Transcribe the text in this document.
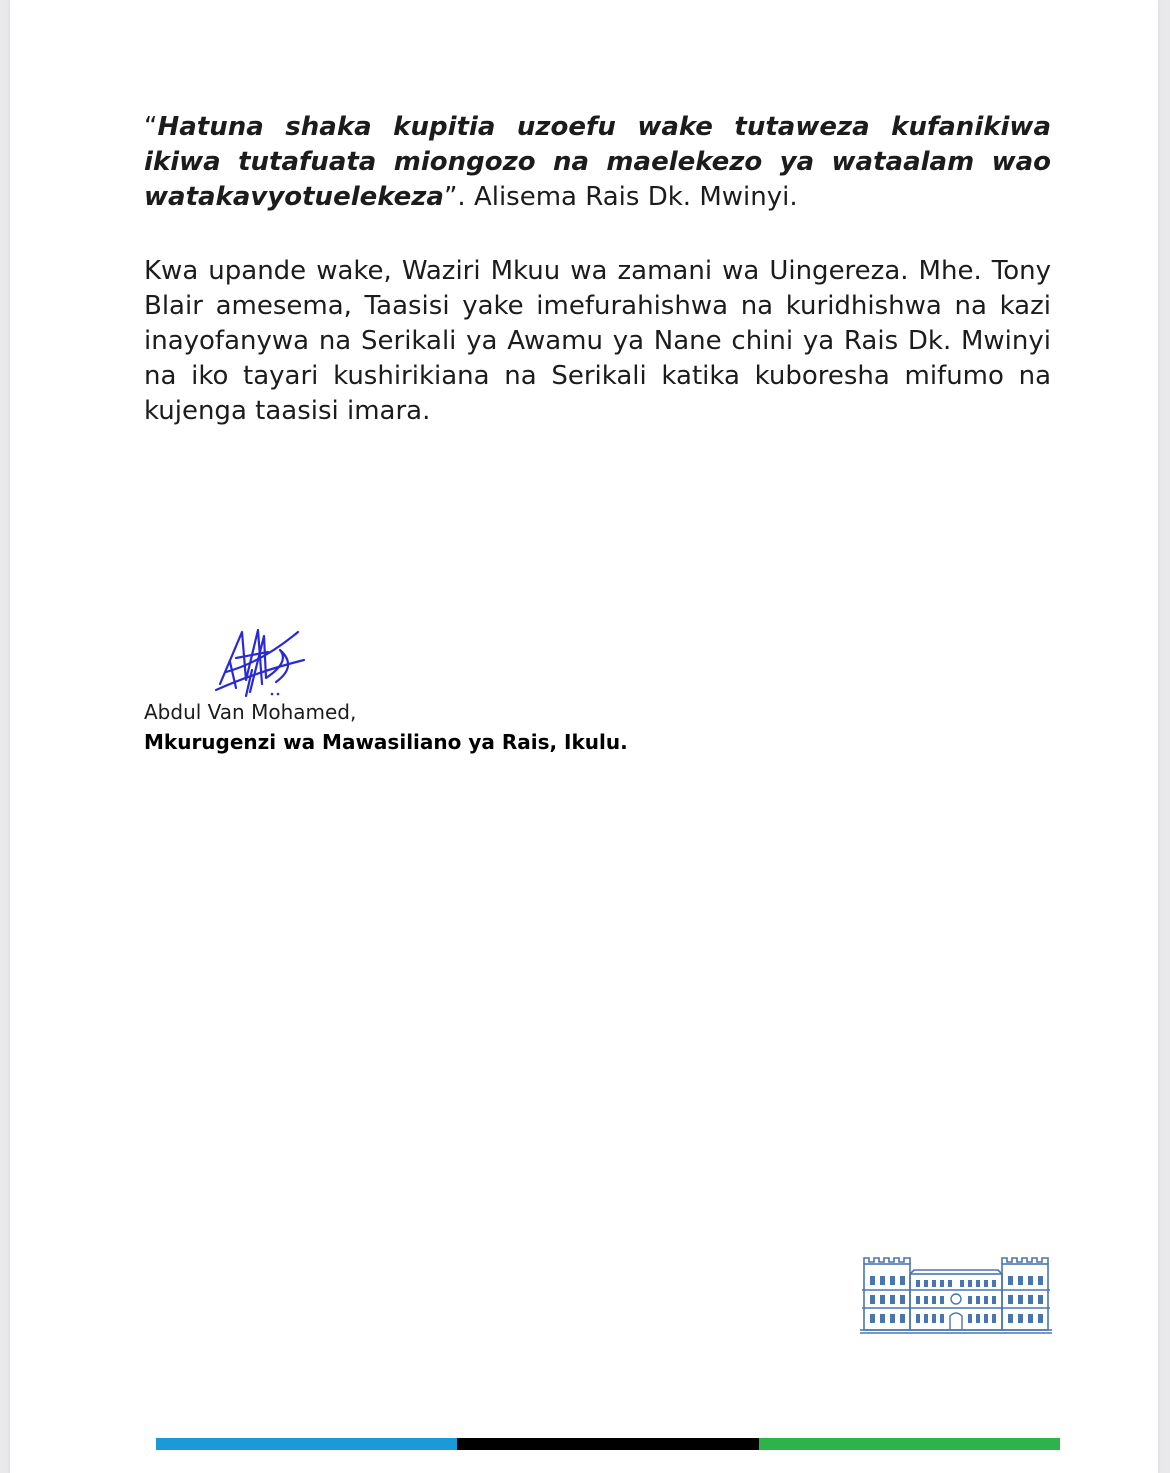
“Hatuna shaka kupitia uzoefu wake tutaweza kufanikiwa ikiwa tutafuata miongozo na maelekezo ya wataalam wao watakavyotuelekeza”. Alisema Rais Dk. Mwinyi.

Kwa upande wake, Waziri Mkuu wa zamani wa Uingereza. Mhe. Tony Blair amesema, Taasisi yake imefurahishwa na kuridhishwa na kazi inayofanywa na Serikali ya Awamu ya Nane chini ya Rais Dk. Mwinyi na iko tayari kushirikiana na Serikali katika kuboresha mifumo na kujenga taasisi imara.

Abdul Van Mohamed,

Mkurugenzi wa Mawasiliano ya Rais, Ikulu.
